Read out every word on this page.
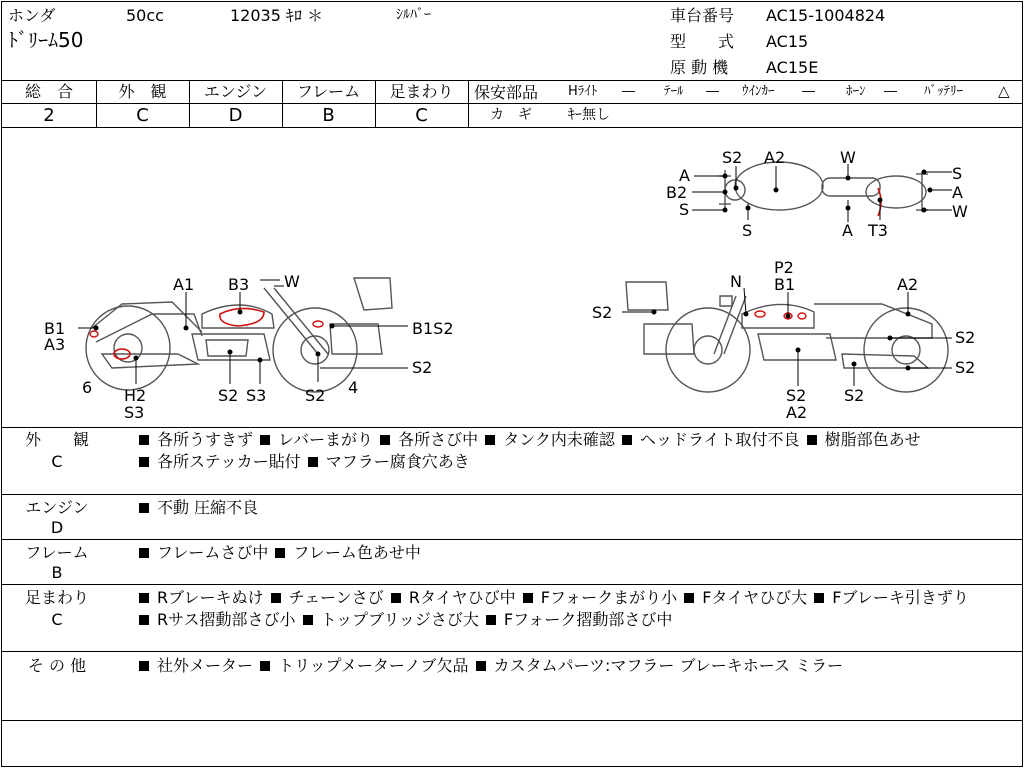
ホンダ	50cc	12035 ｷﾛ ＊	ｼﾙﾊﾞｰ
ﾄﾞﾘｰﾑ50
車台番号 AC15-1004824
型　　式 AC15
原 動 機 AC15E
総　合
2
外　観
C
エンジン
D
フレーム
B
足まわり
C
保安部品 Hﾗｲﾄ ― ﾃｰﾙ ― ｳｲﾝｶｰ ― ﾎｰﾝ ― ﾊﾞｯﾃﾘｰ △
カ　ギ	ｷｰ無し
A
S2 A2	W
S
B2	A
S
S	A T3
W
A1 B3 W
B1
A3
B1S2
6
S2
H2
S3
S2 S3 S2 4
N
P2
B1	A2
S2
S2
S2
S2
A2
S2
外　　観
C
各所うすきず レバーまがり 各所さび中 タンク内未確認 ヘッドライト取付不良 樹脂部色あせ 各所ステッカー貼付 マフラー腐食穴あき
エンジン
D
不動 圧縮不良
フレーム
B
フレームさび中 フレーム色あせ中
足まわり
C
Rブレーキぬけ チェーンさび Rタイヤひび中 Fフォークまがり小 Fタイヤひび大 Fブレーキ引きずり Rサス摺動部さび小 トップブリッジさび大 Fフォーク摺動部さび中
そ の 他	社外メーター トリップメーターノブ欠品 カスタムパーツ:マフラー ブレーキホース ミラー
